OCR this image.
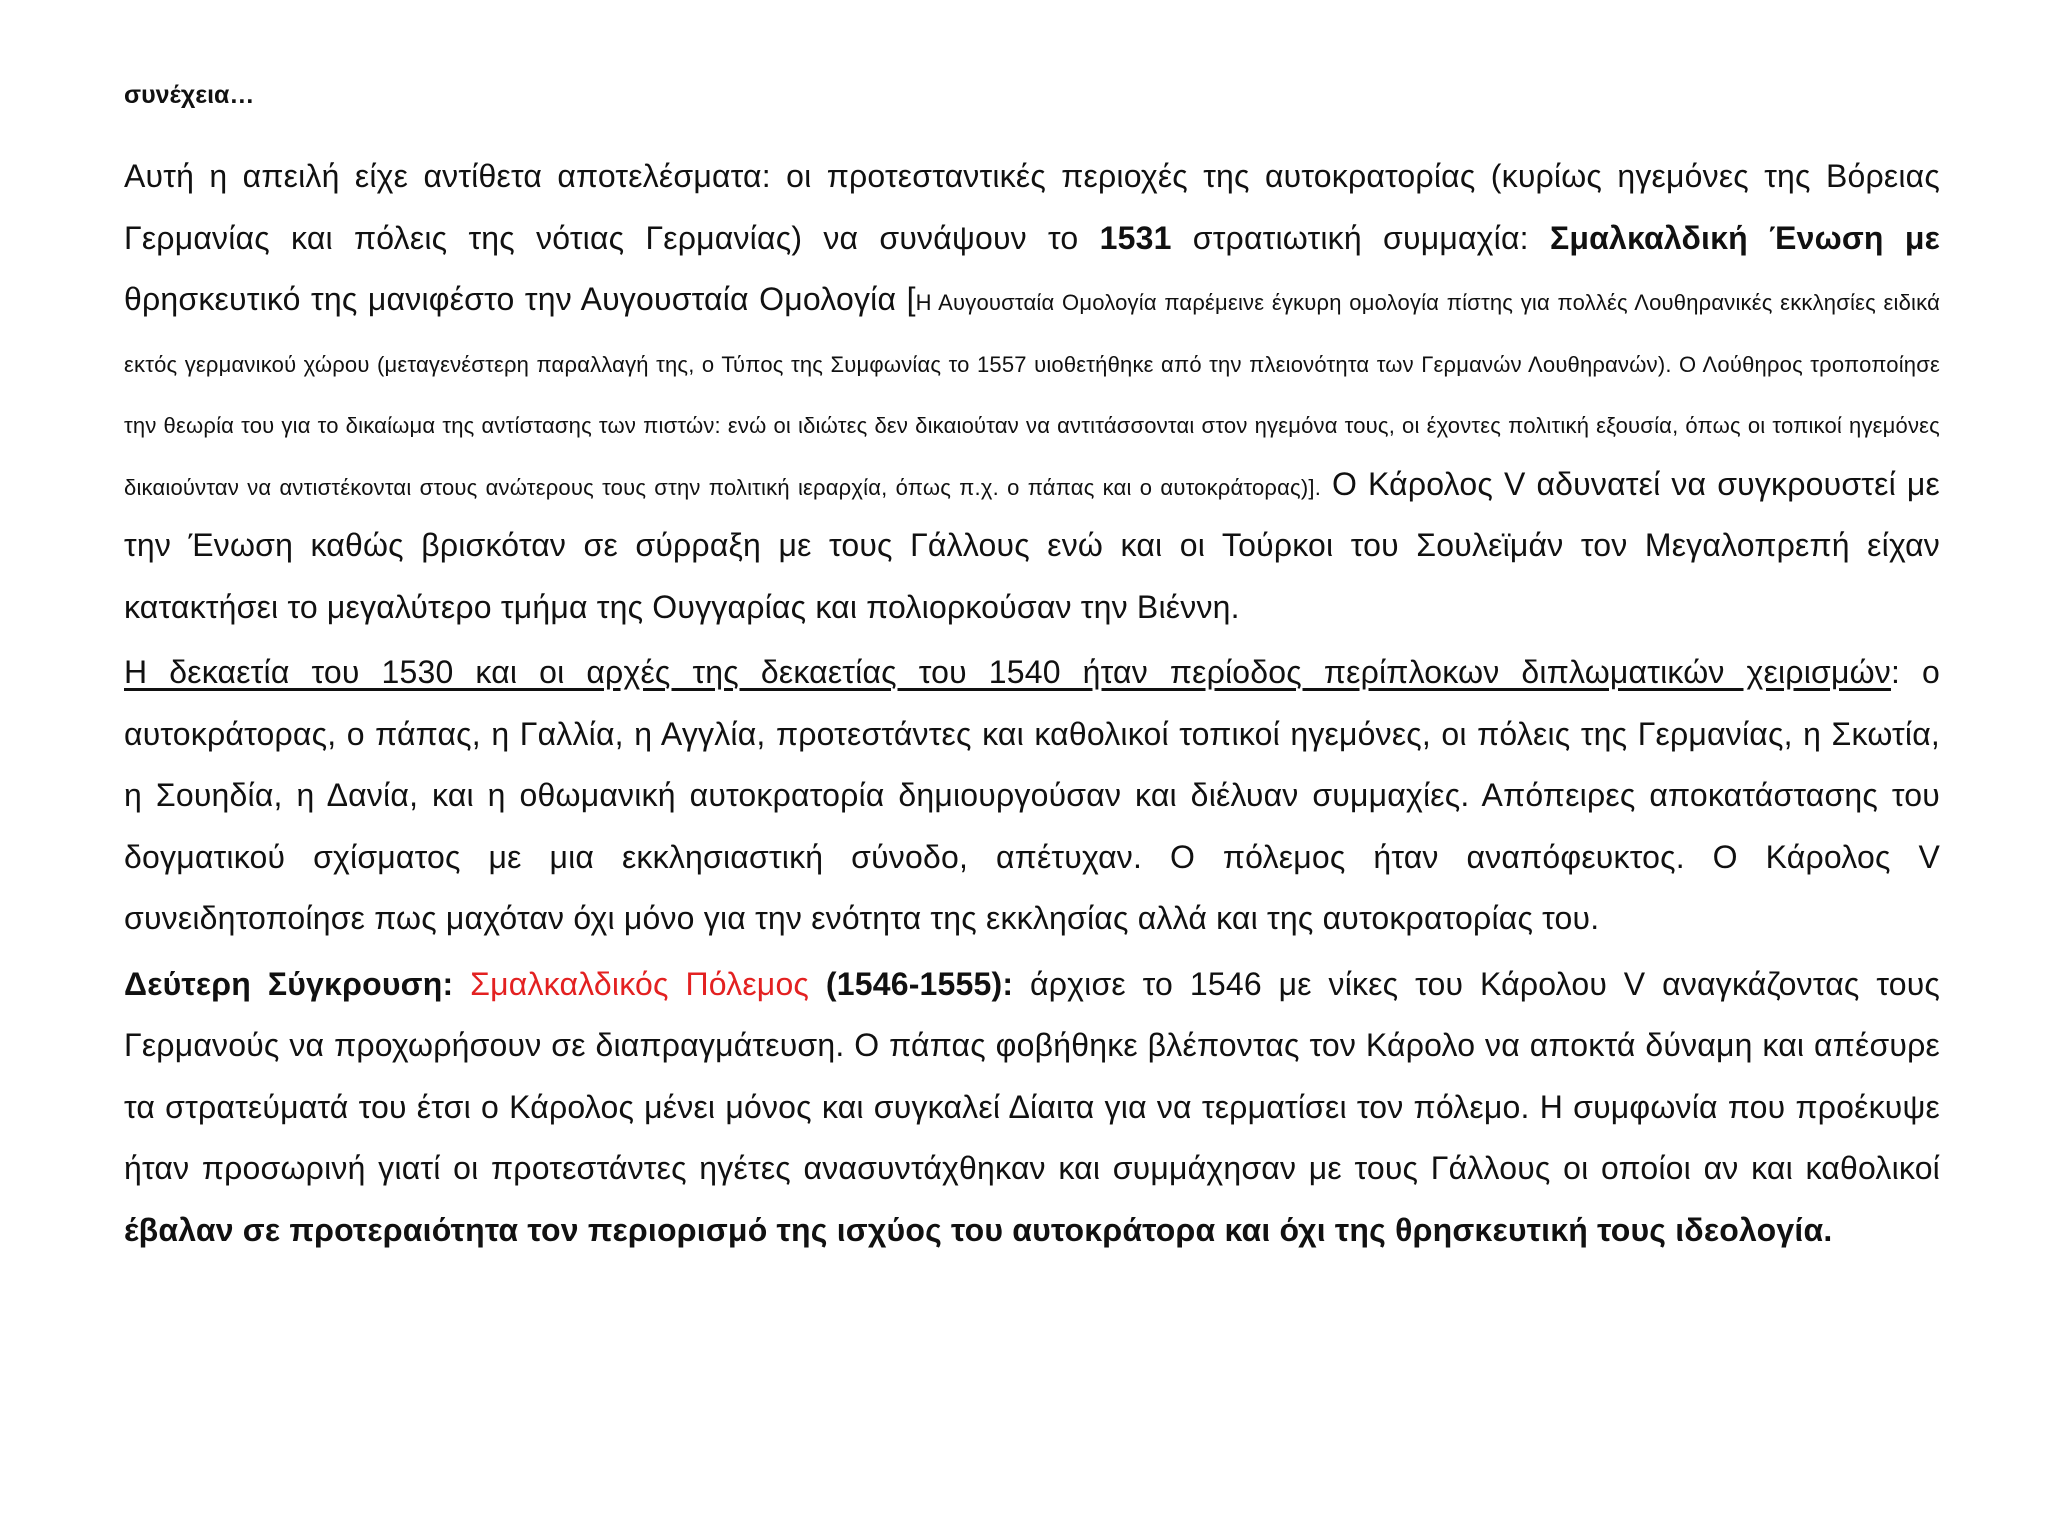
συνέχεια…

Αυτή η απειλή είχε αντίθετα αποτελέσματα: οι προτεσταντικές περιοχές της αυτοκρατορίας (κυρίως ηγεμόνες της Βόρειας Γερμανίας και πόλεις της νότιας Γερμανίας) να συνάψουν το 1531 στρατιωτική συμμαχία: Σμαλκαλδική Ένωση με θρησκευτικό της μανιφέστο την Αυγουσταία Ομολογία [Η Αυγουσταία Ομολογία παρέμεινε έγκυρη ομολογία πίστης για πολλές Λουθηρανικές εκκλησίες ειδικά εκτός γερμανικού χώρου (μεταγενέστερη παραλλαγή της, ο Τύπος της Συμφωνίας το 1557 υιοθετήθηκε από την πλειονότητα των Γερμανών Λουθηρανών). Ο Λούθηρος τροποποίησε την θεωρία του για το δικαίωμα της αντίστασης των πιστών: ενώ οι ιδιώτες δεν δικαιούταν να αντιτάσσονται στον ηγεμόνα τους, οι έχοντες πολιτική εξουσία, όπως οι τοπικοί ηγεμόνες δικαιούνταν να αντιστέκονται στους ανώτερους τους στην πολιτική ιεραρχία, όπως π.χ. ο πάπας και ο αυτοκράτορας)]. Ο Κάρολος V αδυνατεί να συγκρουστεί με την Ένωση καθώς βρισκόταν σε σύρραξη με τους Γάλλους ενώ και οι Τούρκοι του Σουλεϊμάν τον Μεγαλοπρεπή είχαν κατακτήσει το μεγαλύτερο τμήμα της Ουγγαρίας και πολιορκούσαν την Βιέννη.

Η δεκαετία του 1530 και οι αρχές της δεκαετίας του 1540 ήταν περίοδος περίπλοκων διπλωματικών χειρισμών: ο αυτοκράτορας, ο πάπας, η Γαλλία, η Αγγλία, προτεστάντες και καθολικοί τοπικοί ηγεμόνες, οι πόλεις της Γερμανίας, η Σκωτία, η Σουηδία, η Δανία, και η οθωμανική αυτοκρατορία δημιουργούσαν και διέλυαν συμμαχίες. Απόπειρες αποκατάστασης του δογματικού σχίσματος με μια εκκλησιαστική σύνοδο, απέτυχαν. Ο πόλεμος ήταν αναπόφευκτος. Ο Κάρολος V συνειδητοποίησε πως μαχόταν όχι μόνο για την ενότητα της εκκλησίας αλλά και της αυτοκρατορίας του.

Δεύτερη Σύγκρουση: Σμαλκαλδικός Πόλεμος (1546-1555): άρχισε το 1546 με νίκες του Κάρολου V αναγκάζοντας τους Γερμανούς να προχωρήσουν σε διαπραγμάτευση. Ο πάπας φοβήθηκε βλέποντας τον Κάρολο να αποκτά δύναμη και απέσυρε τα στρατεύματά του έτσι ο Κάρολος μένει μόνος και συγκαλεί Δίαιτα για να τερματίσει τον πόλεμο. Η συμφωνία που προέκυψε ήταν προσωρινή γιατί οι προτεστάντες ηγέτες ανασυντάχθηκαν και συμμάχησαν με τους Γάλλους οι οποίοι αν και καθολικοί έβαλαν σε προτεραιότητα τον περιορισμό της ισχύος του αυτοκράτορα και όχι της θρησκευτική τους ιδεολογία.
